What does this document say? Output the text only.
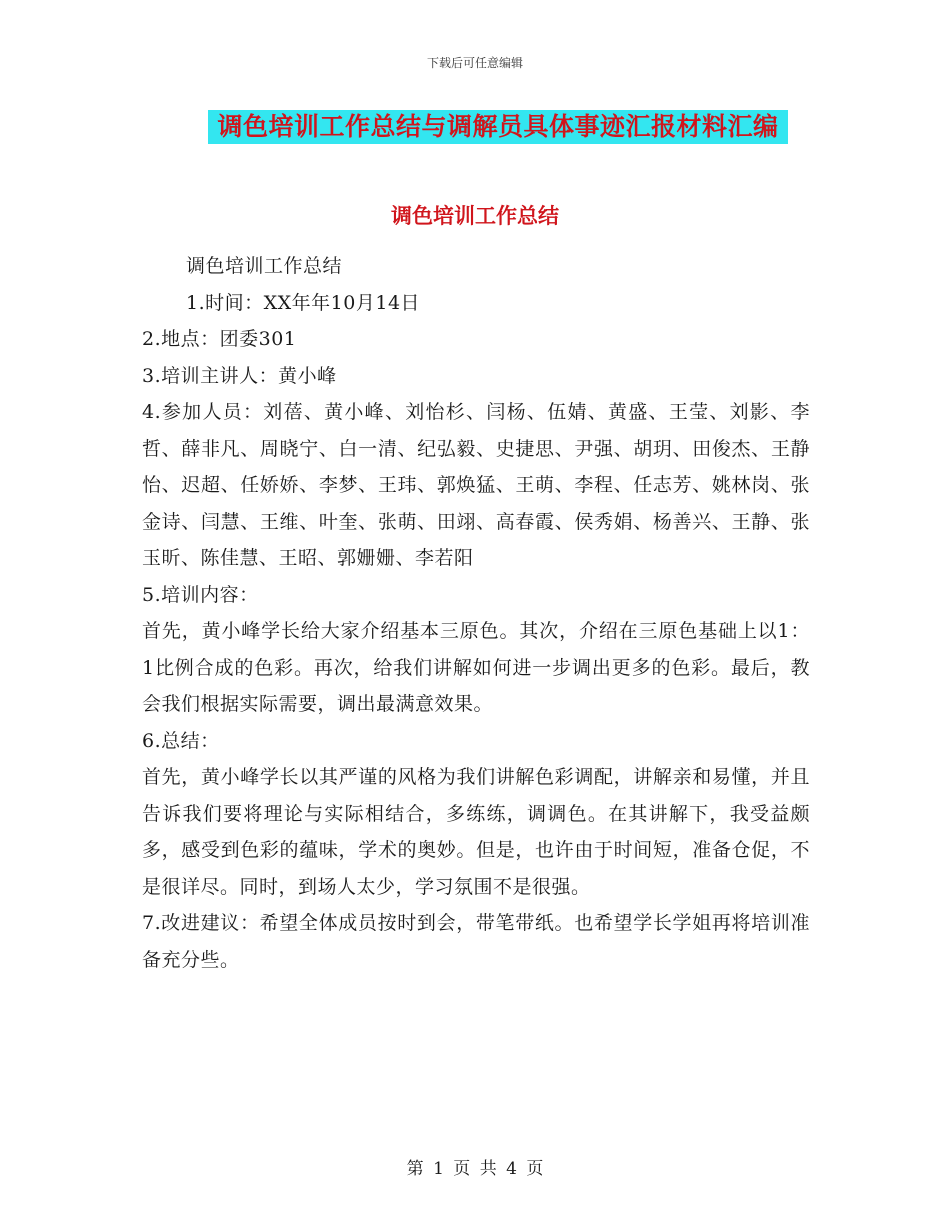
下载后可任意编辑
调色培训工作总结与调解员具体事迹汇报材料汇编
调色培训工作总结

调色培训工作总结

1.时间：XX年年10月14日

2.地点：团委301

3.培训主讲人：黄小峰

4.参加人员：刘蓓、黄小峰、刘怡杉、闫杨、伍婧、黄盛、王莹、刘影、李哲、薛非凡、周晓宁、白一清、纪弘毅、史捷思、尹强、胡玥、田俊杰、王静怡、迟超、任娇娇、李梦、王玮、郭焕猛、王萌、李程、任志芳、姚林岗、张金诗、闫慧、王维、叶奎、张萌、田翊、高春霞、侯秀娟、杨善兴、王静、张玉昕、陈佳慧、王昭、郭姗姗、李若阳

5.培训内容：

首先，黄小峰学长给大家介绍基本三原色。其次，介绍在三原色基础上以1：1比例合成的色彩。再次，给我们讲解如何进一步调出更多的色彩。最后，教会我们根据实际需要，调出最满意效果。

6.总结：

首先，黄小峰学长以其严谨的风格为我们讲解色彩调配，讲解亲和易懂，并且告诉我们要将理论与实际相结合，多练练，调调色。在其讲解下，我受益颇多，感受到色彩的蕴味，学术的奥妙。但是，也许由于时间短，准备仓促，不是很详尽。同时，到场人太少，学习氛围不是很强。

7.改进建议：希望全体成员按时到会，带笔带纸。也希望学长学姐再将培训准备充分些。

第 1 页 共 4 页
